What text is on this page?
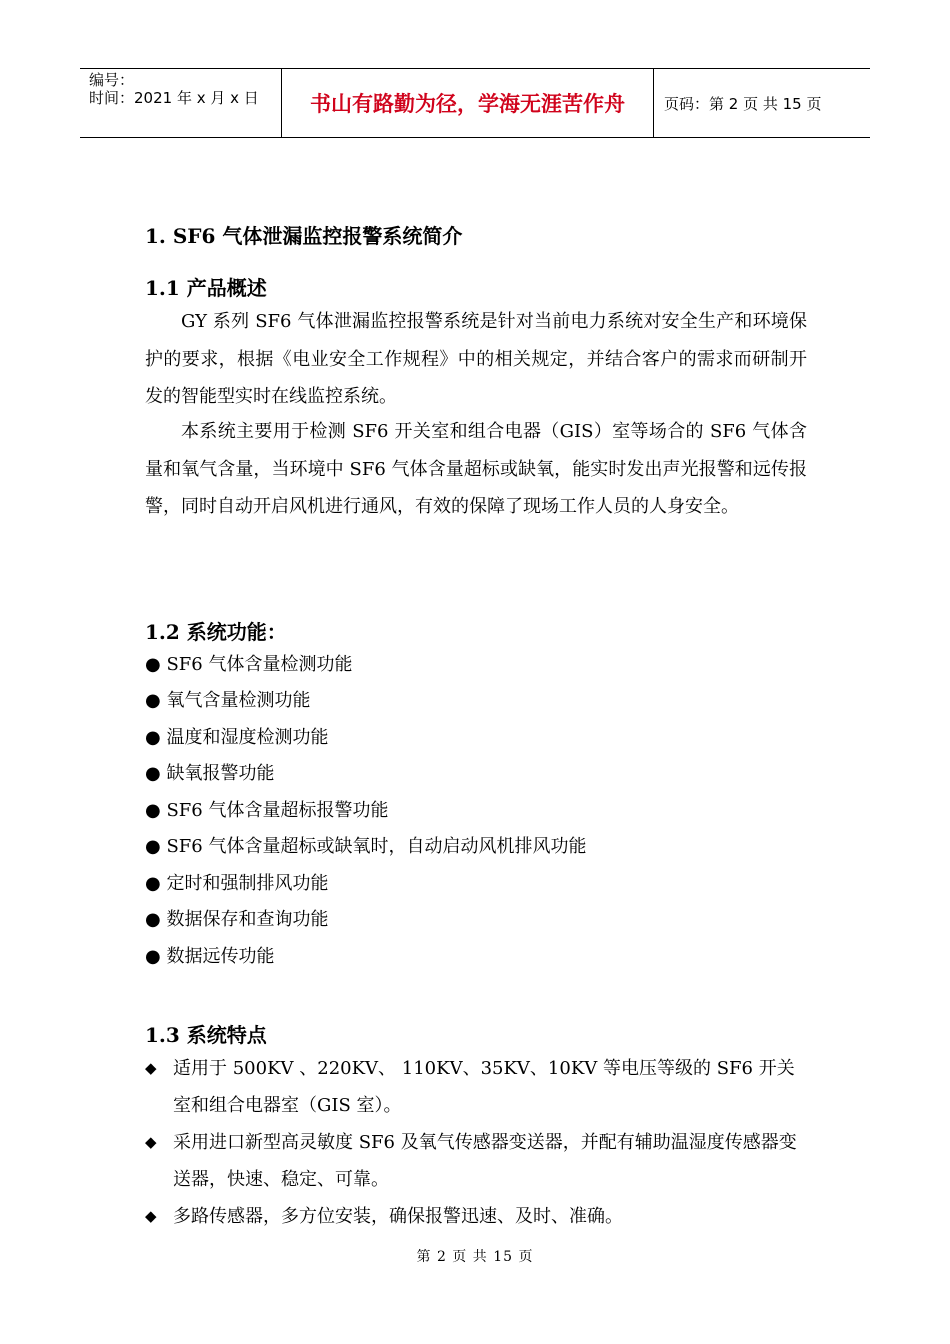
编号：
时间：2021 年 x 月 x 日	书山有路勤为径，学海无涯苦作舟	页码：第 2 页 共 15 页
1. SF6 气体泄漏监控报警系统简介
1.1 产品概述

GY 系列 SF6 气体泄漏监控报警系统是针对当前电力系统对安全生产和环境保护的要求，根据《电业安全工作规程》中的相关规定，并结合客户的需求而研制开发的智能型实时在线监控系统。

本系统主要用于检测 SF6 开关室和组合电器（GIS）室等场合的 SF6 气体含量和氧气含量，当环境中 SF6 气体含量超标或缺氧，能实时发出声光报警和远传报警，同时自动开启风机进行通风，有效的保障了现场工作人员的人身安全。

1.2 系统功能：

● SF6 气体含量检测功能

● 氧气含量检测功能

● 温度和湿度检测功能

● 缺氧报警功能

● SF6 气体含量超标报警功能

● SF6 气体含量超标或缺氧时，自动启动风机排风功能

● 定时和强制排风功能

● 数据保存和查询功能

● 数据远传功能

1.3 系统特点
◆ 适用于 500KV 、220KV、 110KV、35KV、10KV 等电压等级的 SF6 开关室和组合电器室（GIS 室）。

◆ 采用进口新型高灵敏度 SF6 及氧气传感器变送器，并配有辅助温湿度传感器变送器，快速、稳定、可靠。

◆ 多路传感器，多方位安装，确保报警迅速、及时、准确。

第 2 页 共 15 页
